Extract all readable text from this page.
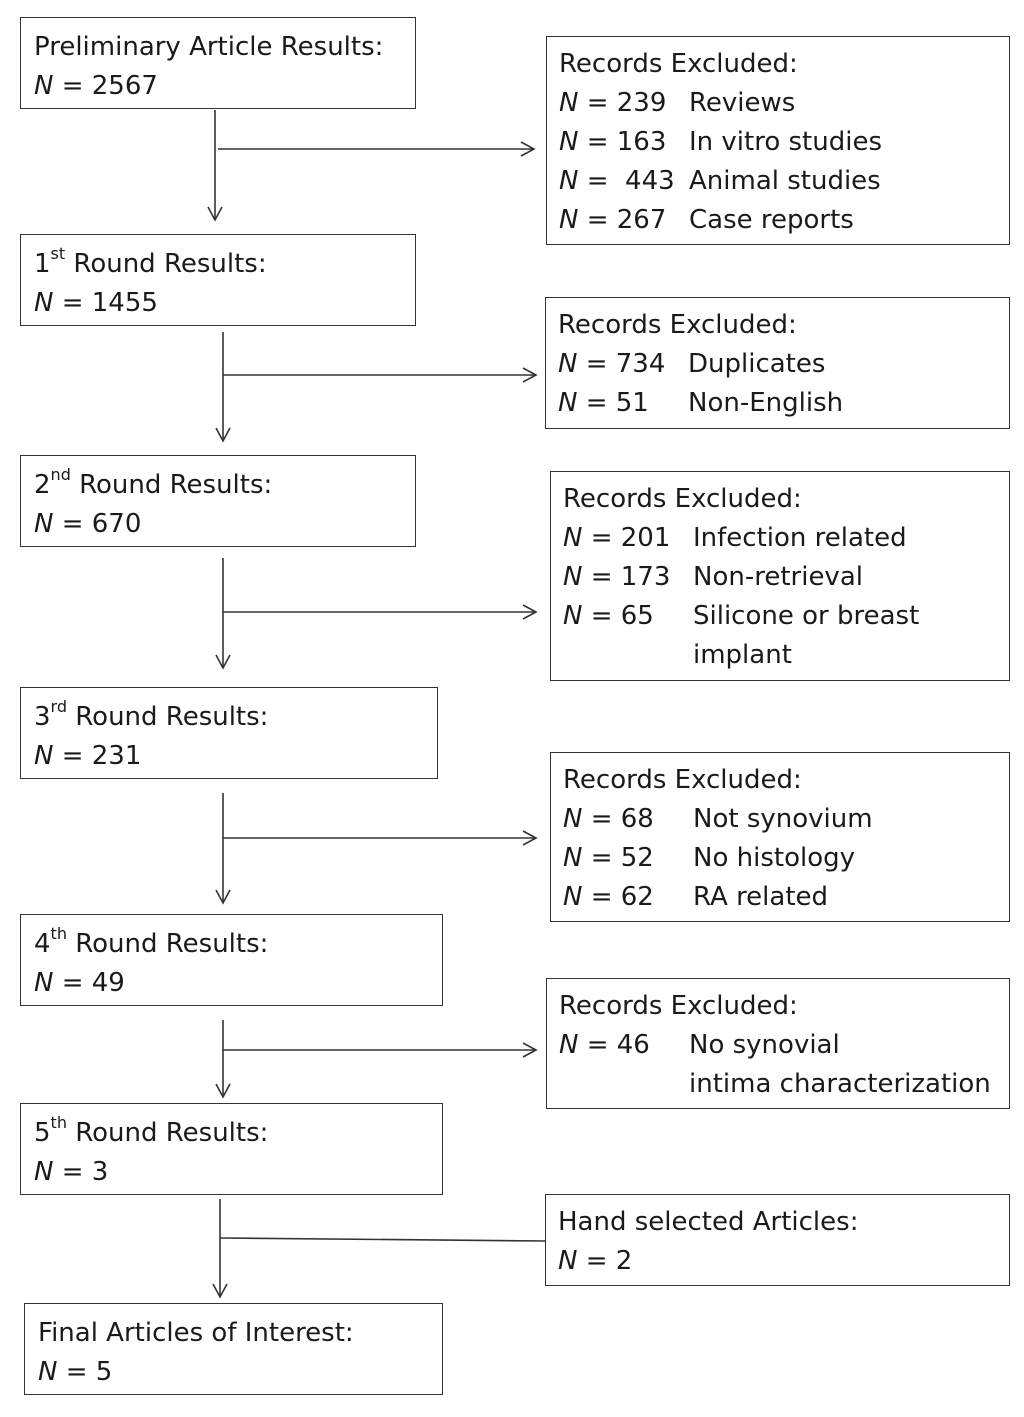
Preliminary Article Results:
N = 2567
1st Round Results:
N = 1455
2nd Round Results:
N = 670
3rd Round Results:
N = 231
4th Round Results:
N = 49
5th Round Results:
N = 3
Final Articles of Interest:
N = 5
Records Excluded:
N = 239 Reviews
N = 163 In vitro studies
N =  443 Animal studies
N = 267 Case reports
Records Excluded:
N = 734 Duplicates
N = 51	Non-English
Records Excluded:
N = 201 Infection related
N = 173 Non-retrieval
N = 65	Silicone or breast
implant
Records Excluded:
N = 68	Not synovium
N = 52	No histology
N = 62	RA related
Records Excluded:
N = 46	No synovial
intima characterization
Hand selected Articles:
N = 2
